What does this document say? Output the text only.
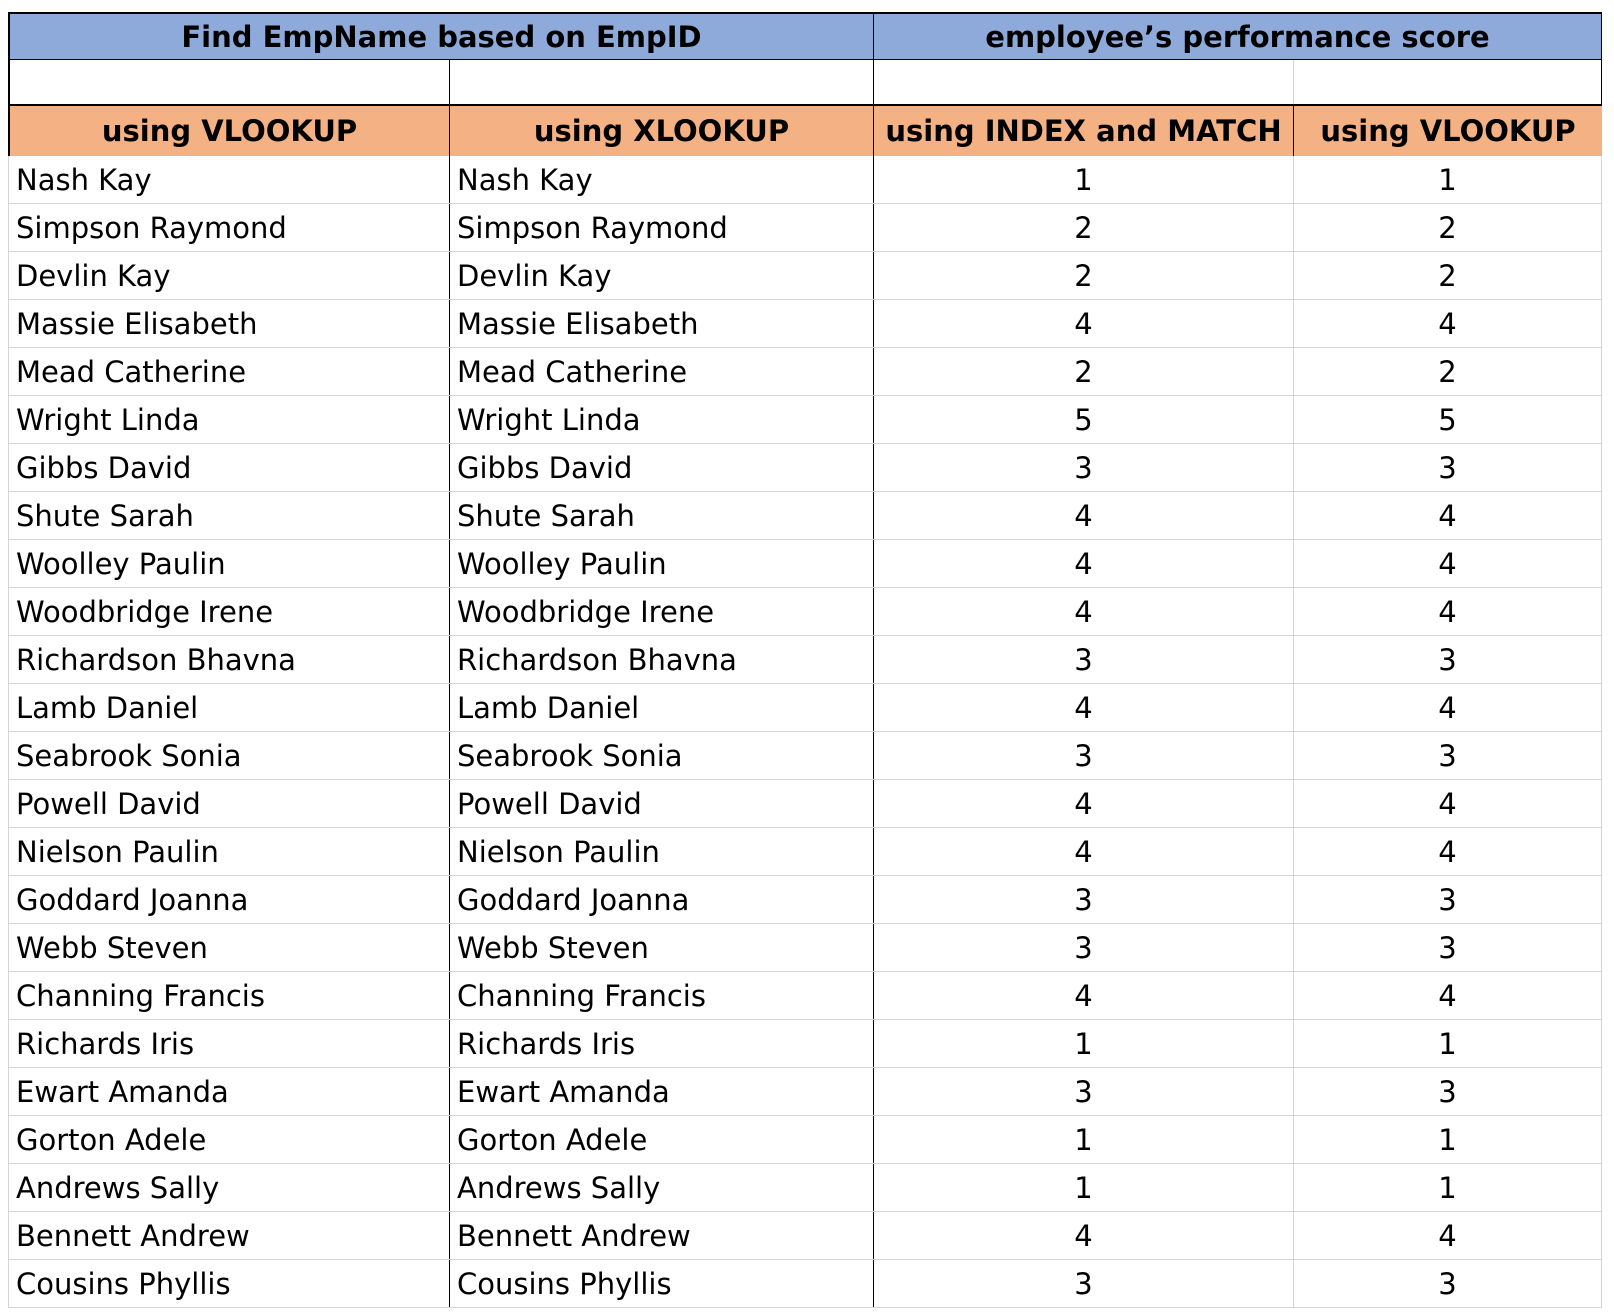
Find EmpName based on EmpID	employee’s performance score
using VLOOKUP	using XLOOKUP	using INDEX and MATCH	using VLOOKUP
Nash Kay	Nash Kay	1	1
Simpson Raymond	Simpson Raymond	2	2
Devlin Kay	Devlin Kay	2	2
Massie Elisabeth	Massie Elisabeth	4	4
Mead Catherine	Mead Catherine	2	2
Wright Linda	Wright Linda	5	5
Gibbs David	Gibbs David	3	3
Shute Sarah	Shute Sarah	4	4
Woolley Paulin	Woolley Paulin	4	4
Woodbridge Irene	Woodbridge Irene	4	4
Richardson Bhavna	Richardson Bhavna	3	3
Lamb Daniel	Lamb Daniel	4	4
Seabrook Sonia	Seabrook Sonia	3	3
Powell David	Powell David	4	4
Nielson Paulin	Nielson Paulin	4	4
Goddard Joanna	Goddard Joanna	3	3
Webb Steven	Webb Steven	3	3
Channing Francis	Channing Francis	4	4
Richards Iris	Richards Iris	1	1
Ewart Amanda	Ewart Amanda	3	3
Gorton Adele	Gorton Adele	1	1
Andrews Sally	Andrews Sally	1	1
Bennett Andrew	Bennett Andrew	4	4
Cousins Phyllis	Cousins Phyllis	3	3
